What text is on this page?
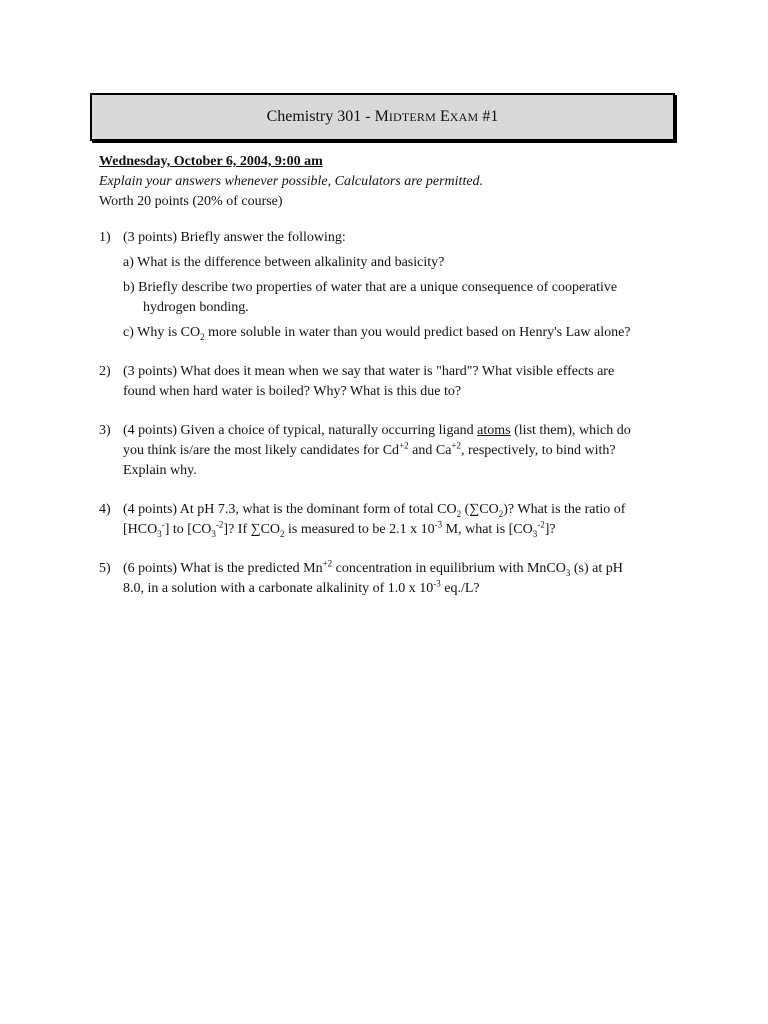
Chemistry 301 - MIDTERM EXAM #1
Wednesday, October 6, 2004, 9:00 am
Explain your answers whenever possible, Calculators are permitted.
Worth 20 points (20% of course)
1) (3 points) Briefly answer the following:
a) What is the difference between alkalinity and basicity?
b) Briefly describe two properties of water that are a unique consequence of cooperative
hydrogen bonding.
c) Why is $CO_2$ more soluble in water than you would predict based on Henry's Law alone?
2) (3 points) What does it mean when we say that water is "hard"? What visible effects are
found when hard water is boiled? Why? What is this due to?
3) (4 points) Given a choice of typical, naturally occurring ligand atoms (list them), which do
you think is/are the most likely candidates for $Cd^{+2}$ and $Ca^{+2}$, respectively, to bind with?
Explain why.
4) (4 points) At pH 7.3, what is the dominant form of total $CO_2$ $(\sum CO_2)$? What is the ratio of
$[HCO_3^-]$ to $[CO_3^{-2}]$? If $\sum CO_2$ is measured to be 2.1 x $10^{-3}$ M, what is $[CO_3^{-2}]$?
5) (6 points) What is the predicted $Mn^{+2}$ concentration in equilibrium with MnCO$_3$ (s) at pH
8.0, in a solution with a carbonate alkalinity of 1.0 x $10^{-3}$ eq./L?
